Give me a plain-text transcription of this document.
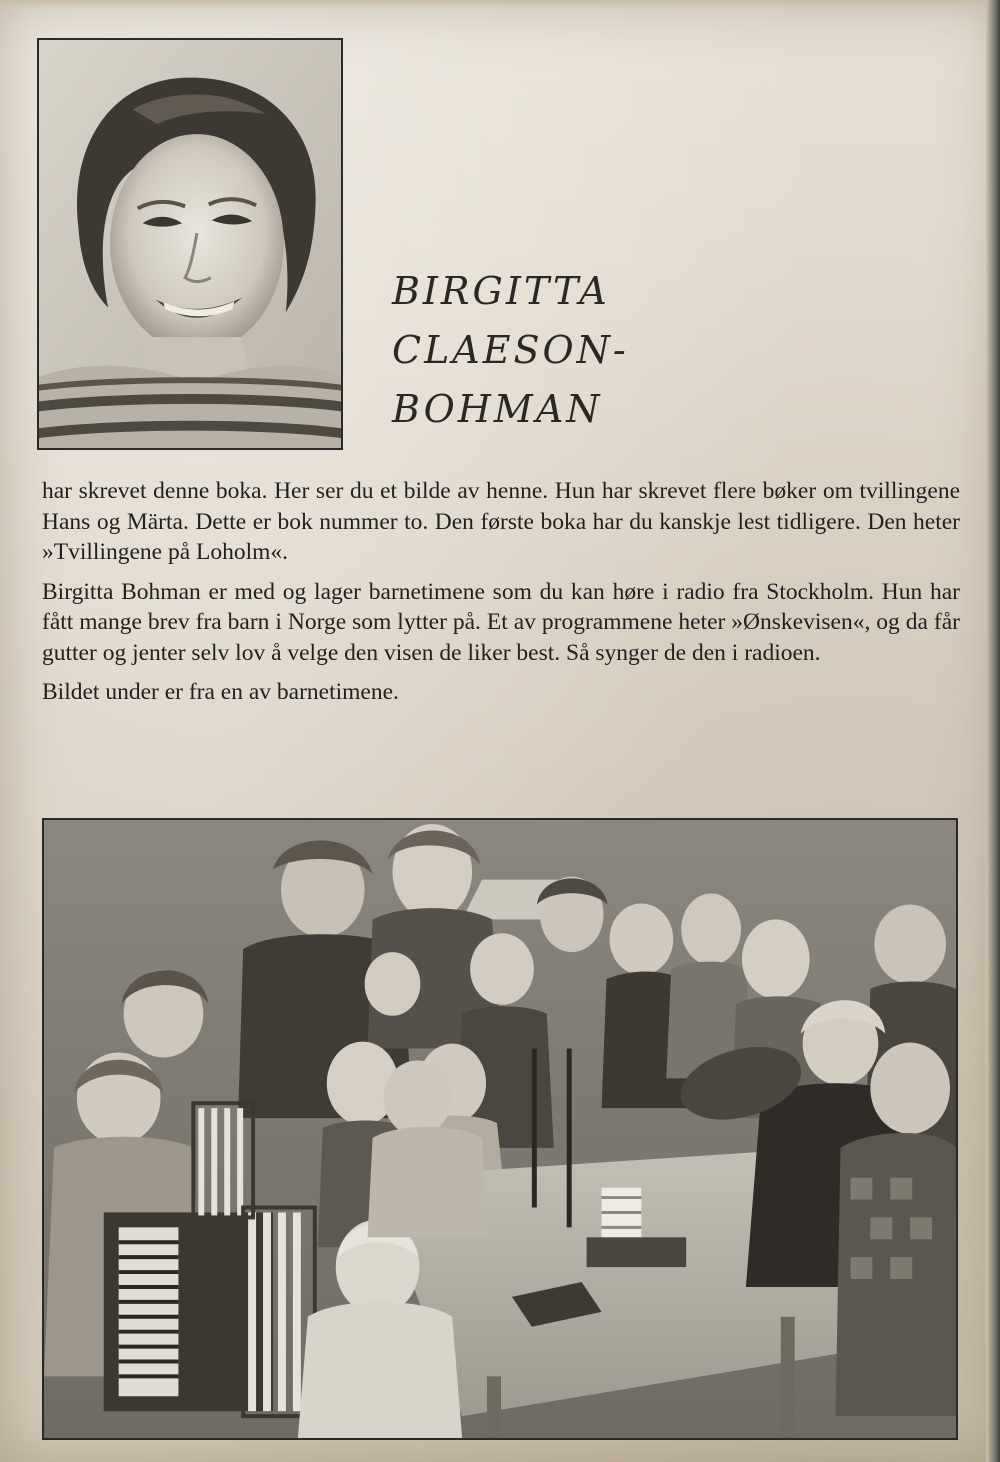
BIRGITTA
CLAESON-
BOHMAN

har skrevet denne boka. Her ser du et bilde av henne. Hun har skrevet flere bøker om tvillingene Hans og Märta. Dette er bok nummer to. Den første boka har du kanskje lest tidligere. Den heter »Tvillingene på Loholm«.

Birgitta Bohman er med og lager barnetimene som du kan høre i radio fra Stockholm. Hun har fått mange brev fra barn i Norge som lytter på. Et av programmene heter »Ønskevisen«, og da får gutter og jenter selv lov å velge den visen de liker best. Så synger de den i radioen.

Bildet under er fra en av barnetimene.
